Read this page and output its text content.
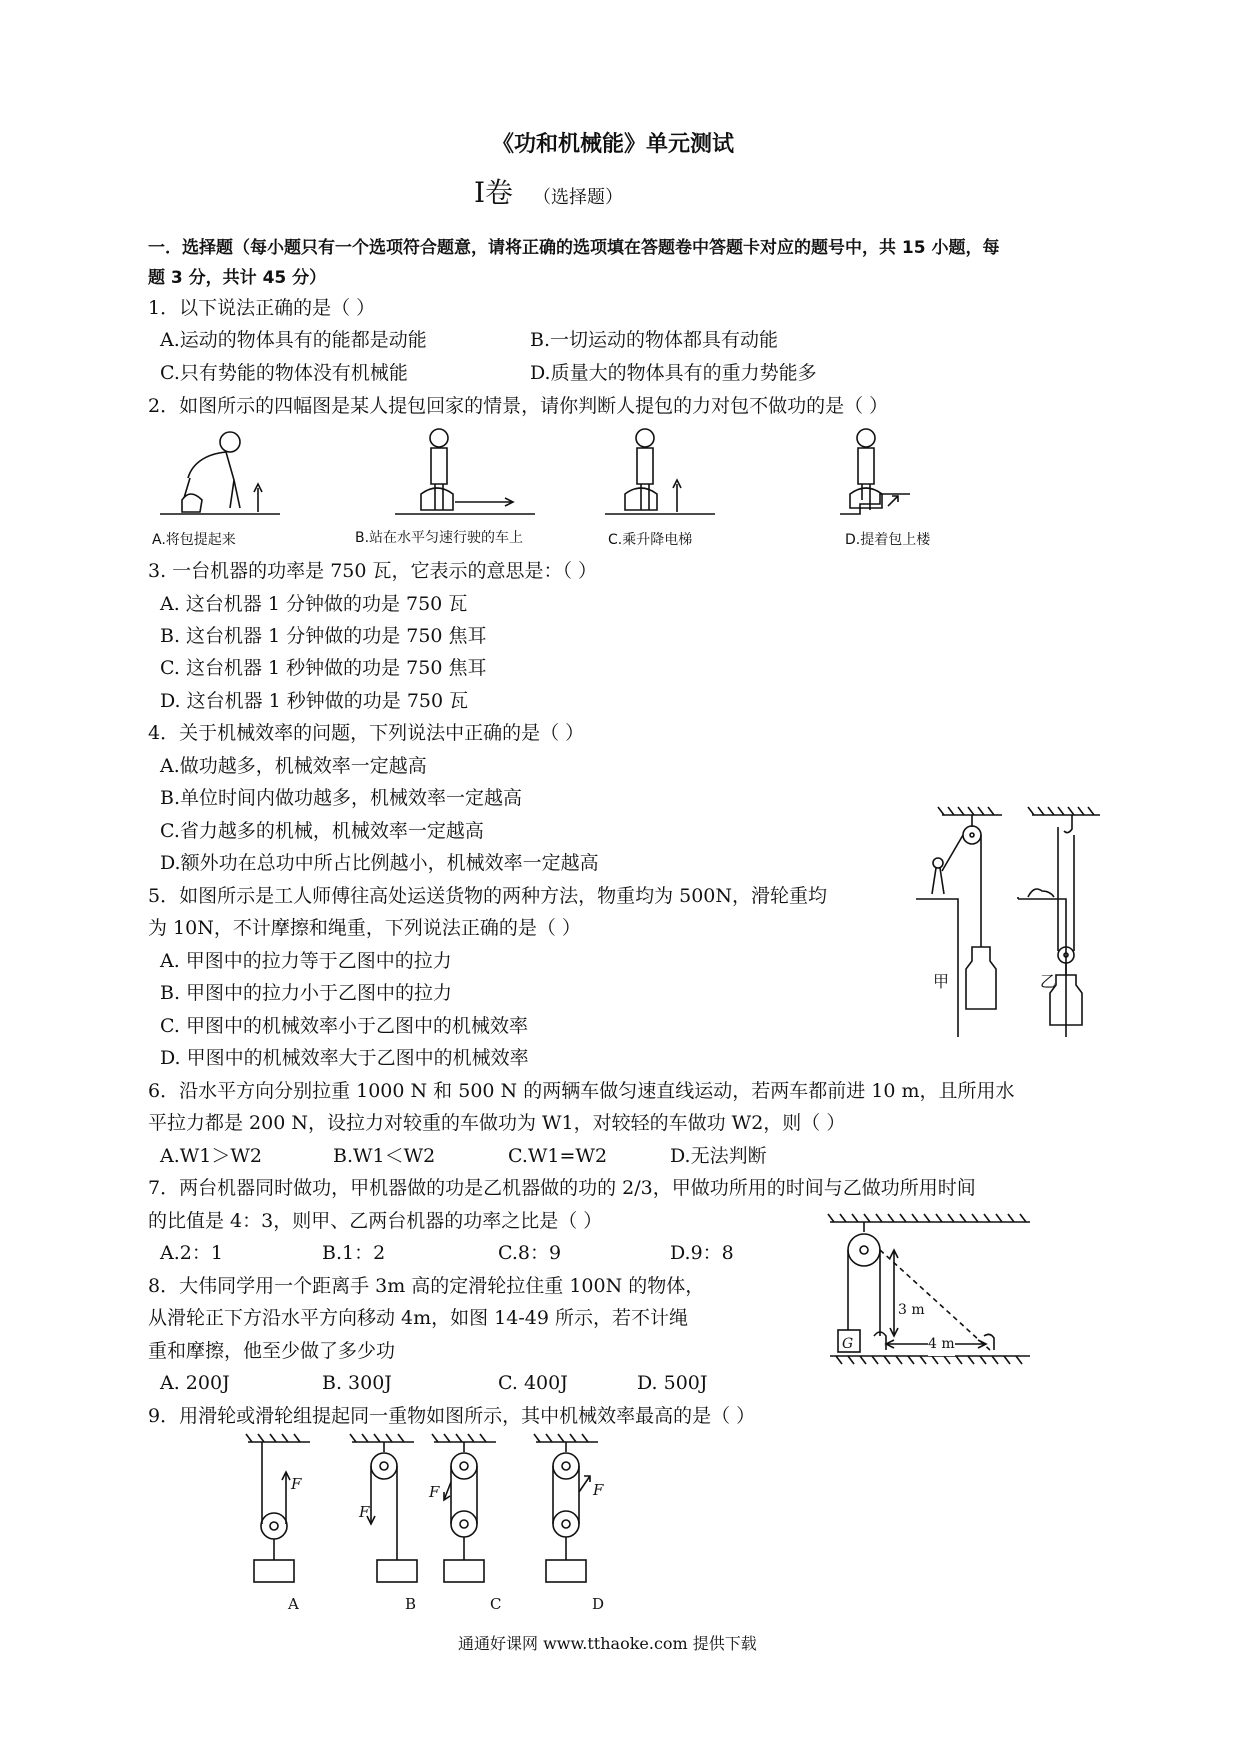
《功和机械能》单元测试
Ⅰ卷 （选择题）
一．选择题（每小题只有一个选项符合题意，请将正确的选项填在答题卷中答题卡对应的题号中，共 15 小题，每
题 3 分，共计 45 分）
1．以下说法正确的是（ ）
A.运动的物体具有的能都是动能	B.一切运动的物体都具有动能
C.只有势能的物体没有机械能	D.质量大的物体具有的重力势能多
2．如图所示的四幅图是某人提包回家的情景，请你判断人提包的力对包不做功的是（ ）
A.将包提起来	B.站在水平匀速行驶的车上	C.乘升降电梯	D.提着包上楼
3. 一台机器的功率是 750 瓦，它表示的意思是：（ ）
A. 这台机器 1 分钟做的功是 750 瓦
B. 这台机器 1 分钟做的功是 750 焦耳
C. 这台机器 1 秒钟做的功是 750 焦耳
D. 这台机器 1 秒钟做的功是 750 瓦
4．关于机械效率的问题，下列说法中正确的是（ ）
A.做功越多，机械效率一定越高
B.单位时间内做功越多，机械效率一定越高
C.省力越多的机械，机械效率一定越高
D.额外功在总功中所占比例越小，机械效率一定越高
甲	乙
5．如图所示是工人师傅往高处运送货物的两种方法，物重均为 500N，滑轮重均
为 10N，不计摩擦和绳重，下列说法正确的是（ ）
A. 甲图中的拉力等于乙图中的拉力
B. 甲图中的拉力小于乙图中的拉力
C. 甲图中的机械效率小于乙图中的机械效率
D. 甲图中的机械效率大于乙图中的机械效率
6．沿水平方向分别拉重 1000 N 和 500 N 的两辆车做匀速直线运动，若两车都前进 10 m，且所用水
平拉力都是 200 N，设拉力对较重的车做功为 W1，对较轻的车做功 W2，则（ ）
A.W1＞W2	B.W1＜W2	C.W1=W2	D.无法判断
7．两台机器同时做功，甲机器做的功是乙机器做的功的 2/3，甲做功所用的时间与乙做功所用时间
的比值是 4：3，则甲、乙两台机器的功率之比是（ ）
A.2：1	B.1：2	C.8：9	D.9：8
G
3 m
4 m
8．大伟同学用一个距离手 3m 高的定滑轮拉住重 100N 的物体，
从滑轮正下方沿水平方向移动 4m，如图 14-49 所示，若不计绳
重和摩擦，他至少做了多少功
A. 200J	B. 300J	C. 400J	D. 500J
9．用滑轮或滑轮组提起同一重物如图所示，其中机械效率最高的是（ ）
F
F
F	F
A	B	C	D
通通好课网 www.tthaoke.com 提供下载
